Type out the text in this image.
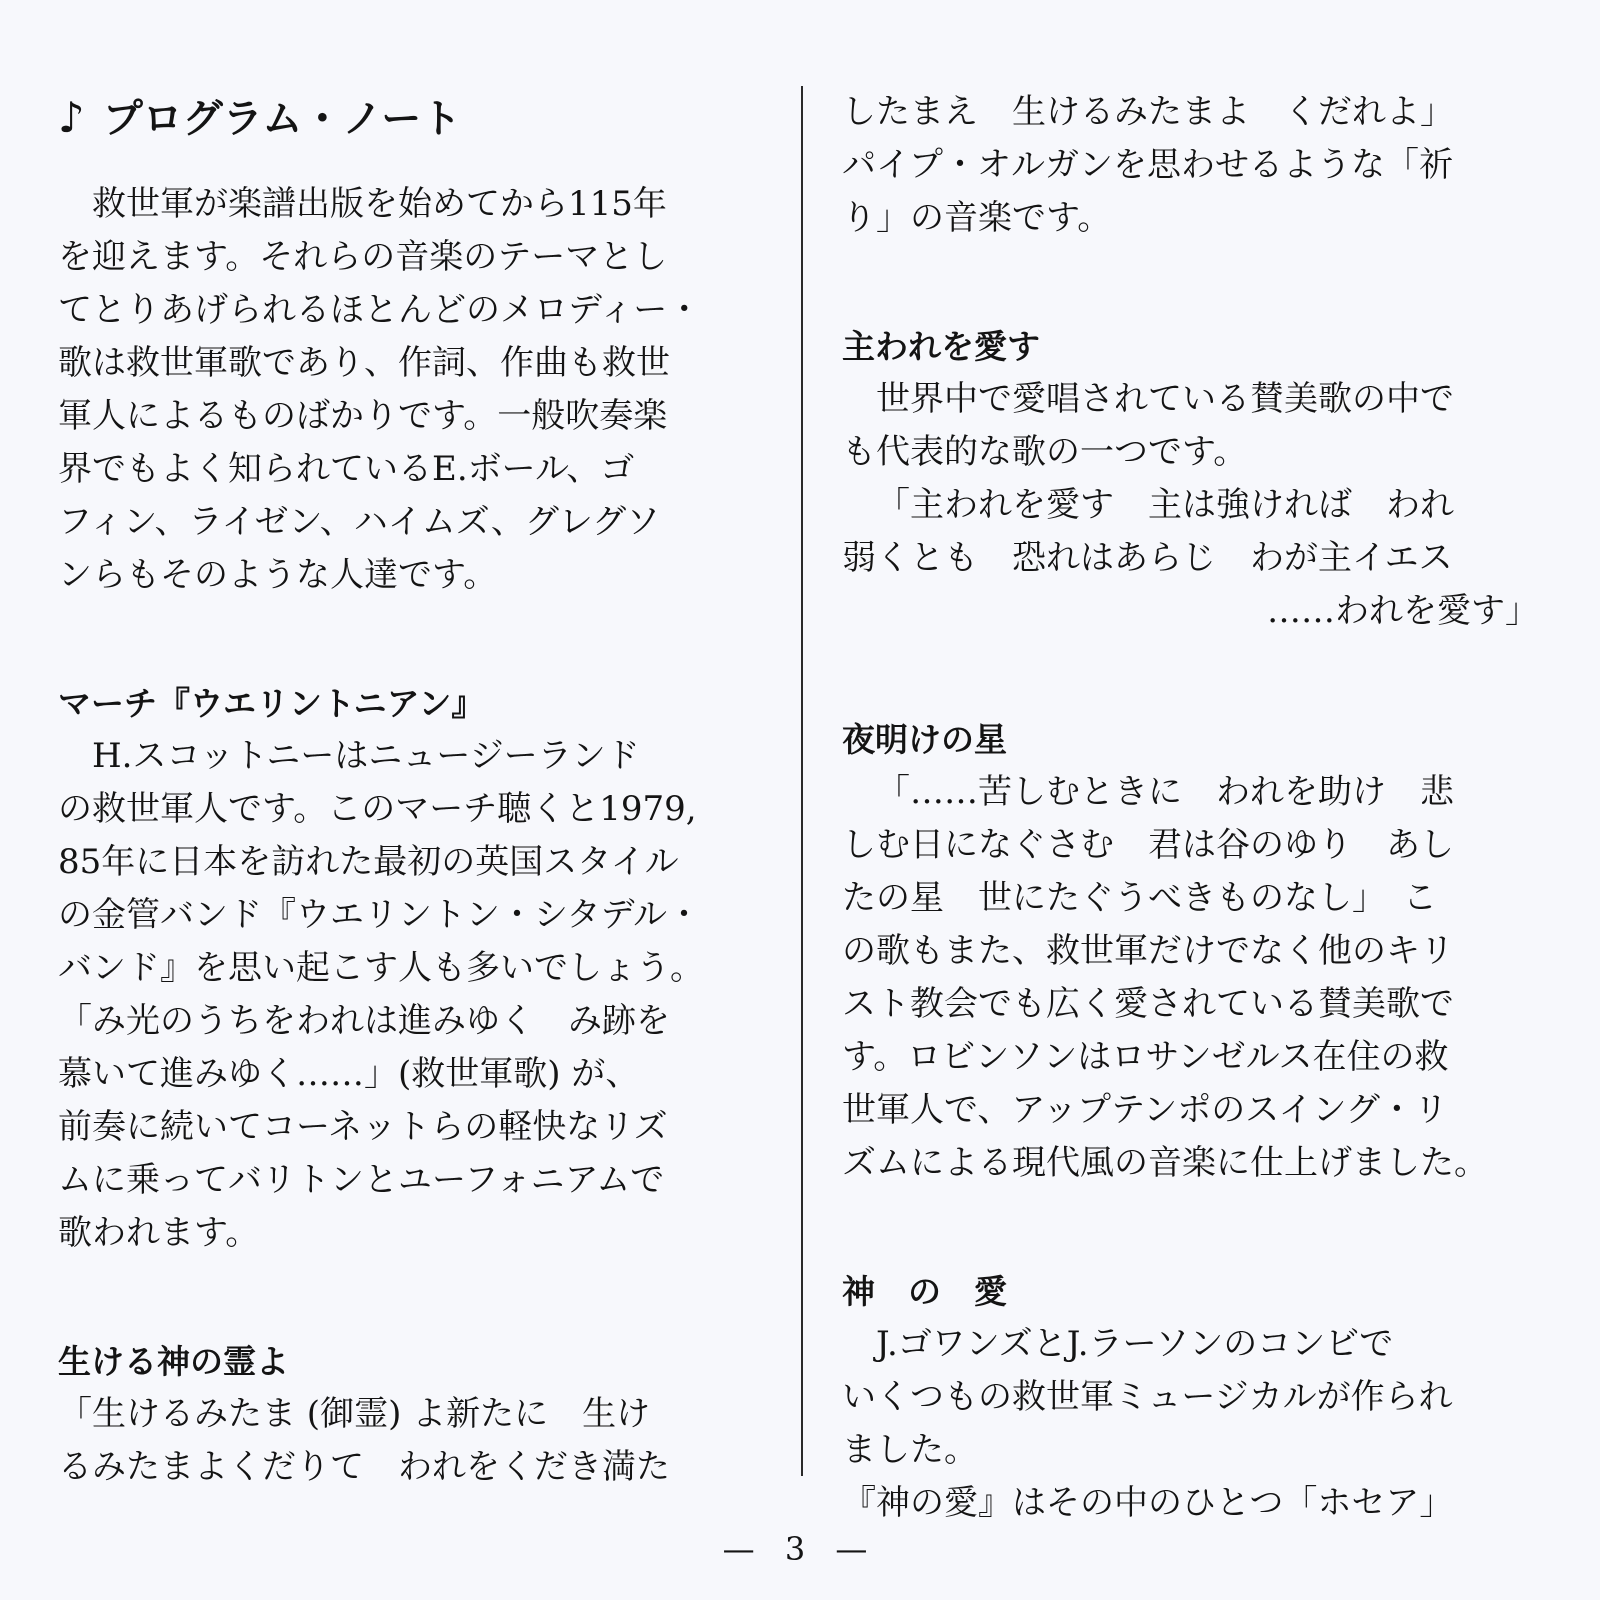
♪ プログラム・ノート
救世軍が楽譜出版を始めてから115年
を迎えます。それらの音楽のテーマとし
てとりあげられるほとんどのメロディー・
歌は救世軍歌であり、作詞、作曲も救世
軍人によるものばかりです。一般吹奏楽
界でもよく知られているE.ボール、ゴ
フィン、ライゼン、ハイムズ、グレグソ
ンらもそのような人達です。
マーチ『ウエリントニアン』
H.スコットニーはニュージーランド
の救世軍人です。このマーチ聴くと1979,
85年に日本を訪れた最初の英国スタイル
の金管バンド『ウエリントン・シタデル・
バンド』を思い起こす人も多いでしょう。
「み光のうちをわれは進みゆく　み跡を
慕いて進みゆく……」(救世軍歌) が、
前奏に続いてコーネットらの軽快なリズ
ムに乗ってバリトンとユーフォニアムで
歌われます。
生ける神の霊よ
「生けるみたま (御霊) よ新たに　生け
るみたまよくだりて　われをくだき満た
したまえ　生けるみたまよ　くだれよ」
パイプ・オルガンを思わせるような「祈
り」の音楽です。
主われを愛す
世界中で愛唱されている賛美歌の中で
も代表的な歌の一つです。
「主われを愛す　主は強ければ　われ
弱くとも　恐れはあらじ　わが主イエス
……われを愛す」
夜明けの星
「……苦しむときに　われを助け　悲
しむ日になぐさむ　君は谷のゆり　あし
たの星　世にたぐうべきものなし」　こ
の歌もまた、救世軍だけでなく他のキリ
スト教会でも広く愛されている賛美歌で
す。ロビンソンはロサンゼルス在住の救
世軍人で、アップテンポのスイング・リ
ズムによる現代風の音楽に仕上げました。
神　の　愛
J.ゴワンズとJ.ラーソンのコンビで
いくつもの救世軍ミュージカルが作られ
ました。
『神の愛』はその中のひとつ「ホセア」
— 3 —
